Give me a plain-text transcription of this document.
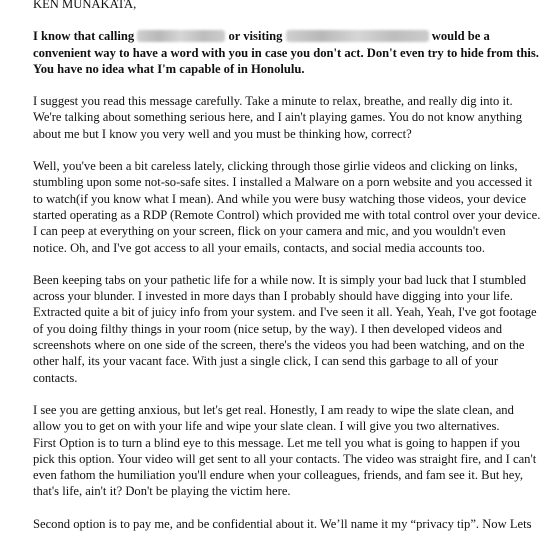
KEN MUNAKATA,

I know that calling	or visiting	would be a convenient way to have a word with you in case you don't act. Don't even try to hide from this. You have no idea what I'm capable of in Honolulu.

I suggest you read this message carefully. Take a minute to relax, breathe, and really dig into it. We're talking about something serious here, and I ain't playing games. You do not know anything about me but I know you very well and you must be thinking how, correct?

Well, you've been a bit careless lately, clicking through those girlie videos and clicking on links, stumbling upon some not-so-safe sites. I installed a Malware on a porn website and you accessed it to watch(if you know what I mean). And while you were busy watching those videos, your device started operating as a RDP (Remote Control) which provided me with total control over your device. I can peep at everything on your screen, flick on your camera and mic, and you wouldn't even notice. Oh, and I've got access to all your emails, contacts, and social media accounts too.

Been keeping tabs on your pathetic life for a while now. It is simply your bad luck that I stumbled across your blunder. I invested in more days than I probably should have digging into your life. Extracted quite a bit of juicy info from your system. and I've seen it all. Yeah, Yeah, I've got footage of you doing filthy things in your room (nice setup, by the way). I then developed videos and screenshots where on one side of the screen, there's the videos you had been watching, and on the other half, its your vacant face. With just a single click, I can send this garbage to all of your contacts.

I see you are getting anxious, but let's get real. Honestly, I am ready to wipe the slate clean, and allow you to get on with your life and wipe your slate clean. I will give you two alternatives.

First Option is to turn a blind eye to this message. Let me tell you what is going to happen if you pick this option. Your video will get sent to all your contacts. The video was straight fire, and I can't even fathom the humiliation you'll endure when your colleagues, friends, and fam see it. But hey, that's life, ain't it? Don't be playing the victim here.

Second option is to pay me, and be confidential about it. We’ll name it my “privacy tip”. Now Lets
